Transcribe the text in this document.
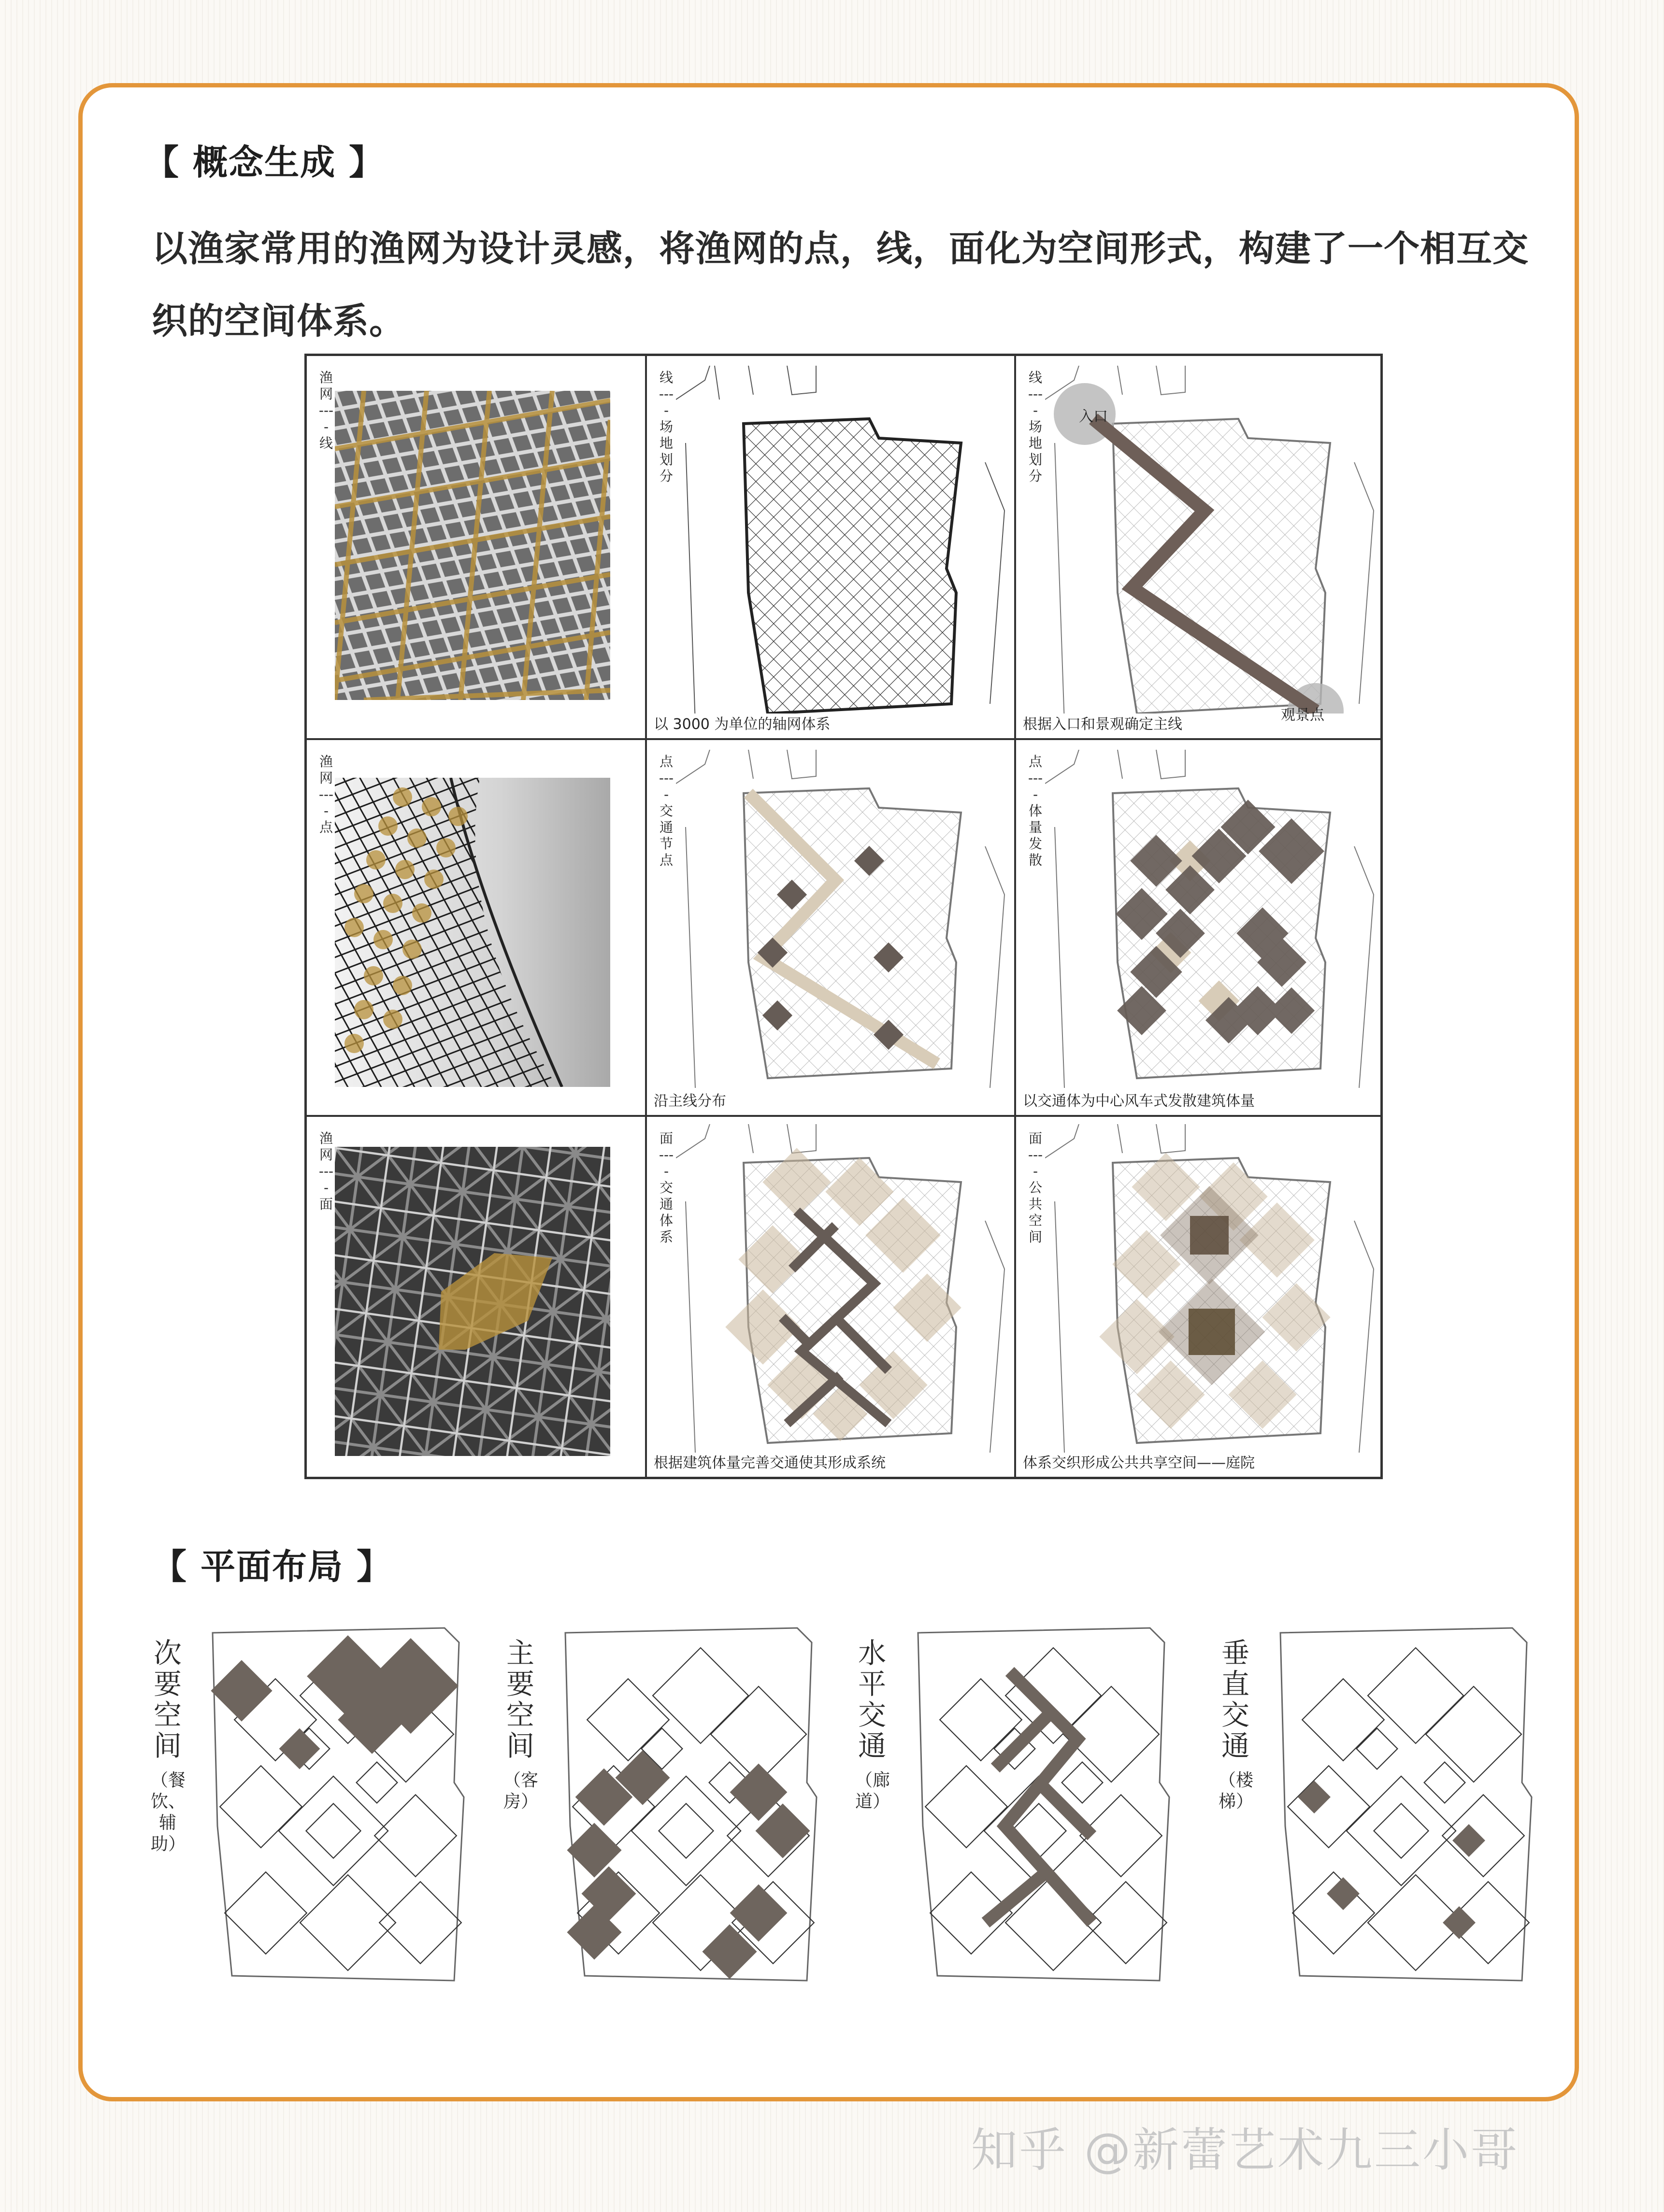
【 概念生成 】
以渔家常用的渔网为设计灵感，将渔网的点，线，面化为空间形式，构建了一个相互交织的空间体系。
渔网 ---- 线
线 ---- 场地划分
以 3000 为单位的轴网体系
线 ---- 场地划分
入口
观景点
根据入口和景观确定主线
渔网 ---- 点
点 ---- 交通节点
沿主线分布
点 ---- 体量发散
以交通体为中心风车式发散建筑体量
渔网 ---- 面
面 ---- 交通体系
根据建筑体量完善交通使其形成系统
面 ---- 公共空间
体系交织形成公共共享空间——庭院
【 平面布局 】
次要空间
（餐饮、辅助）
主要空间
（客房）
水平交通
（廊道）
垂直交通
（楼梯）
知乎 @新蕾艺术九三小哥
